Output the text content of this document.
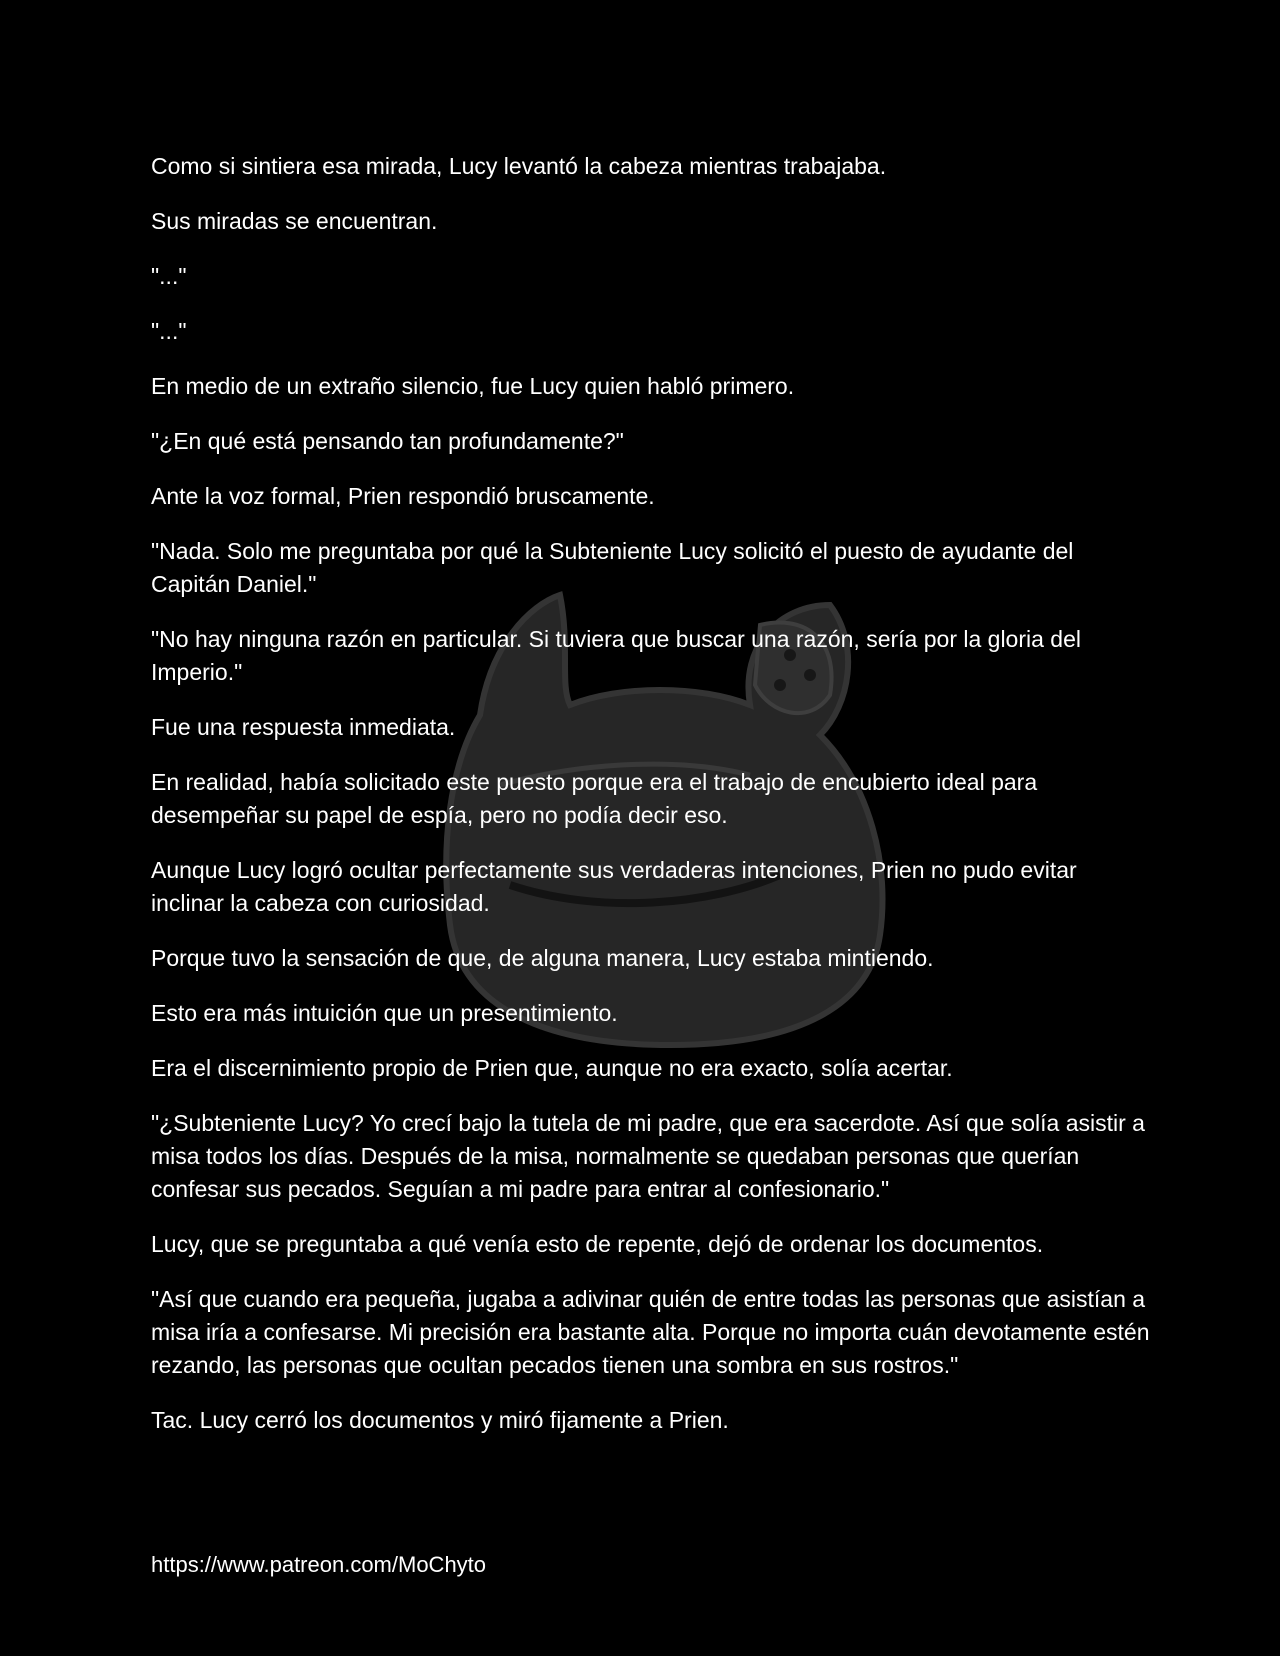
Como si sintiera esa mirada, Lucy levantó la cabeza mientras trabajaba.

Sus miradas se encuentran.

"..."

"..."

En medio de un extraño silencio, fue Lucy quien habló primero.

"¿En qué está pensando tan profundamente?"

Ante la voz formal, Prien respondió bruscamente.

"Nada. Solo me preguntaba por qué la Subteniente Lucy solicitó el puesto de ayudante del Capitán Daniel."

"No hay ninguna razón en particular. Si tuviera que buscar una razón, sería por la gloria del Imperio."

Fue una respuesta inmediata.

En realidad, había solicitado este puesto porque era el trabajo de encubierto ideal para desempeñar su papel de espía, pero no podía decir eso.

Aunque Lucy logró ocultar perfectamente sus verdaderas intenciones, Prien no pudo evitar inclinar la cabeza con curiosidad.

Porque tuvo la sensación de que, de alguna manera, Lucy estaba mintiendo.

Esto era más intuición que un presentimiento.

Era el discernimiento propio de Prien que, aunque no era exacto, solía acertar.

"¿Subteniente Lucy? Yo crecí bajo la tutela de mi padre, que era sacerdote. Así que solía asistir a misa todos los días. Después de la misa, normalmente se quedaban personas que querían confesar sus pecados. Seguían a mi padre para entrar al confesionario."

Lucy, que se preguntaba a qué venía esto de repente, dejó de ordenar los documentos.

"Así que cuando era pequeña, jugaba a adivinar quién de entre todas las personas que asistían a misa iría a confesarse. Mi precisión era bastante alta. Porque no importa cuán devotamente estén rezando, las personas que ocultan pecados tienen una sombra en sus rostros."

Tac. Lucy cerró los documentos y miró fijamente a Prien.

https://www.patreon.com/MoChyto
